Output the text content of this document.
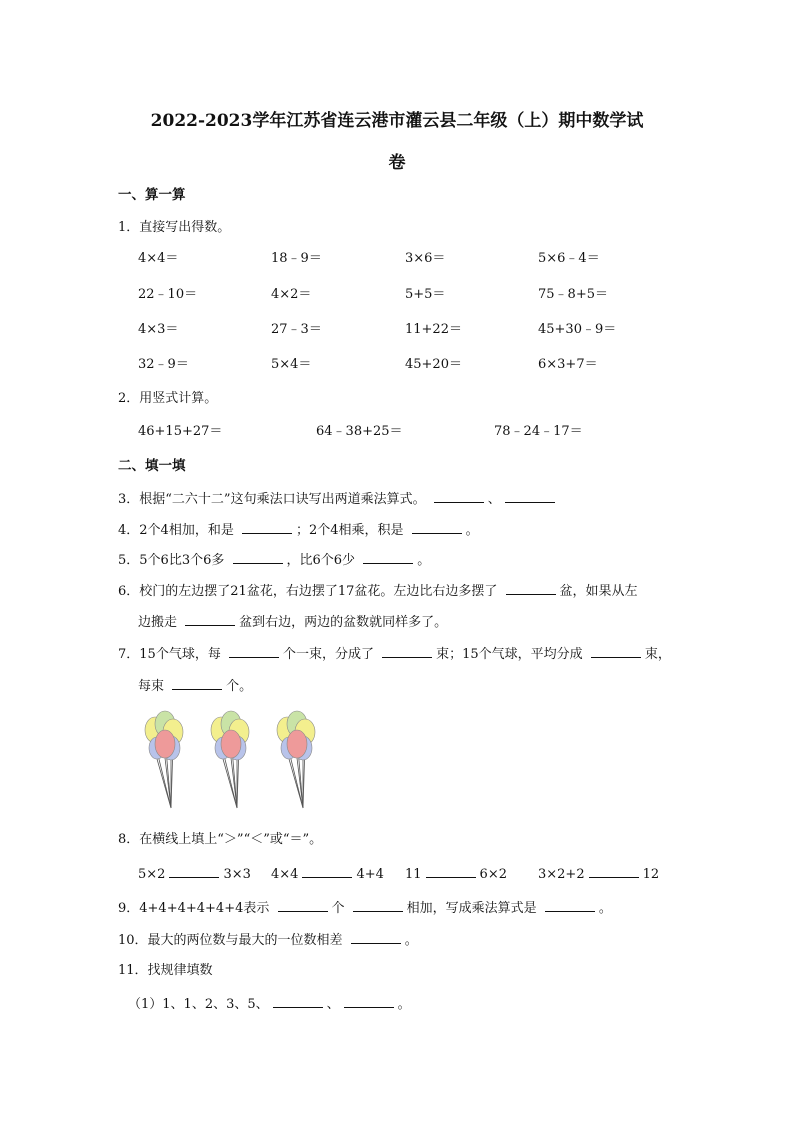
2022-2023学年江苏省连云港市灌云县二年级（上）期中数学试
卷
一、算一算
1．直接写出得数。
4×4＝	18﹣9＝	3×6＝	5×6﹣4＝
22﹣10＝	4×2＝	5+5＝	75﹣8+5＝
4×3＝	27﹣3＝	11+22＝	45+30﹣9＝
32﹣9＝	5×4＝	45+20＝	6×3+7＝
2．用竖式计算。
46+15+27＝	64﹣38+25＝	78﹣24﹣17＝
二、填一填
3．根据“二六十二”这句乘法口诀写出两道乘法算式。	、
4．2个4相加，和是	；2个4相乘，积是	。
5．5个6比3个6多	，比6个6少	。
6．校门的左边摆了21盆花，右边摆了17盆花。左边比右边多摆了	盆，如果从左
边搬走	盆到右边，两边的盆数就同样多了。
7．15个气球，每	个一束，分成了	束；15个气球，平均分成	束，
每束	个。
8．在横线上填上“＞”“＜”或“＝”。
5×2	3×3 4×4	4+4 11	6×2 3×2+2	12
9．4+4+4+4+4+4表示	个	相加，写成乘法算式是	。
10．最大的两位数与最大的一位数相差	。
11．找规律填数
（1）1、1、2、3、5、	、	。
